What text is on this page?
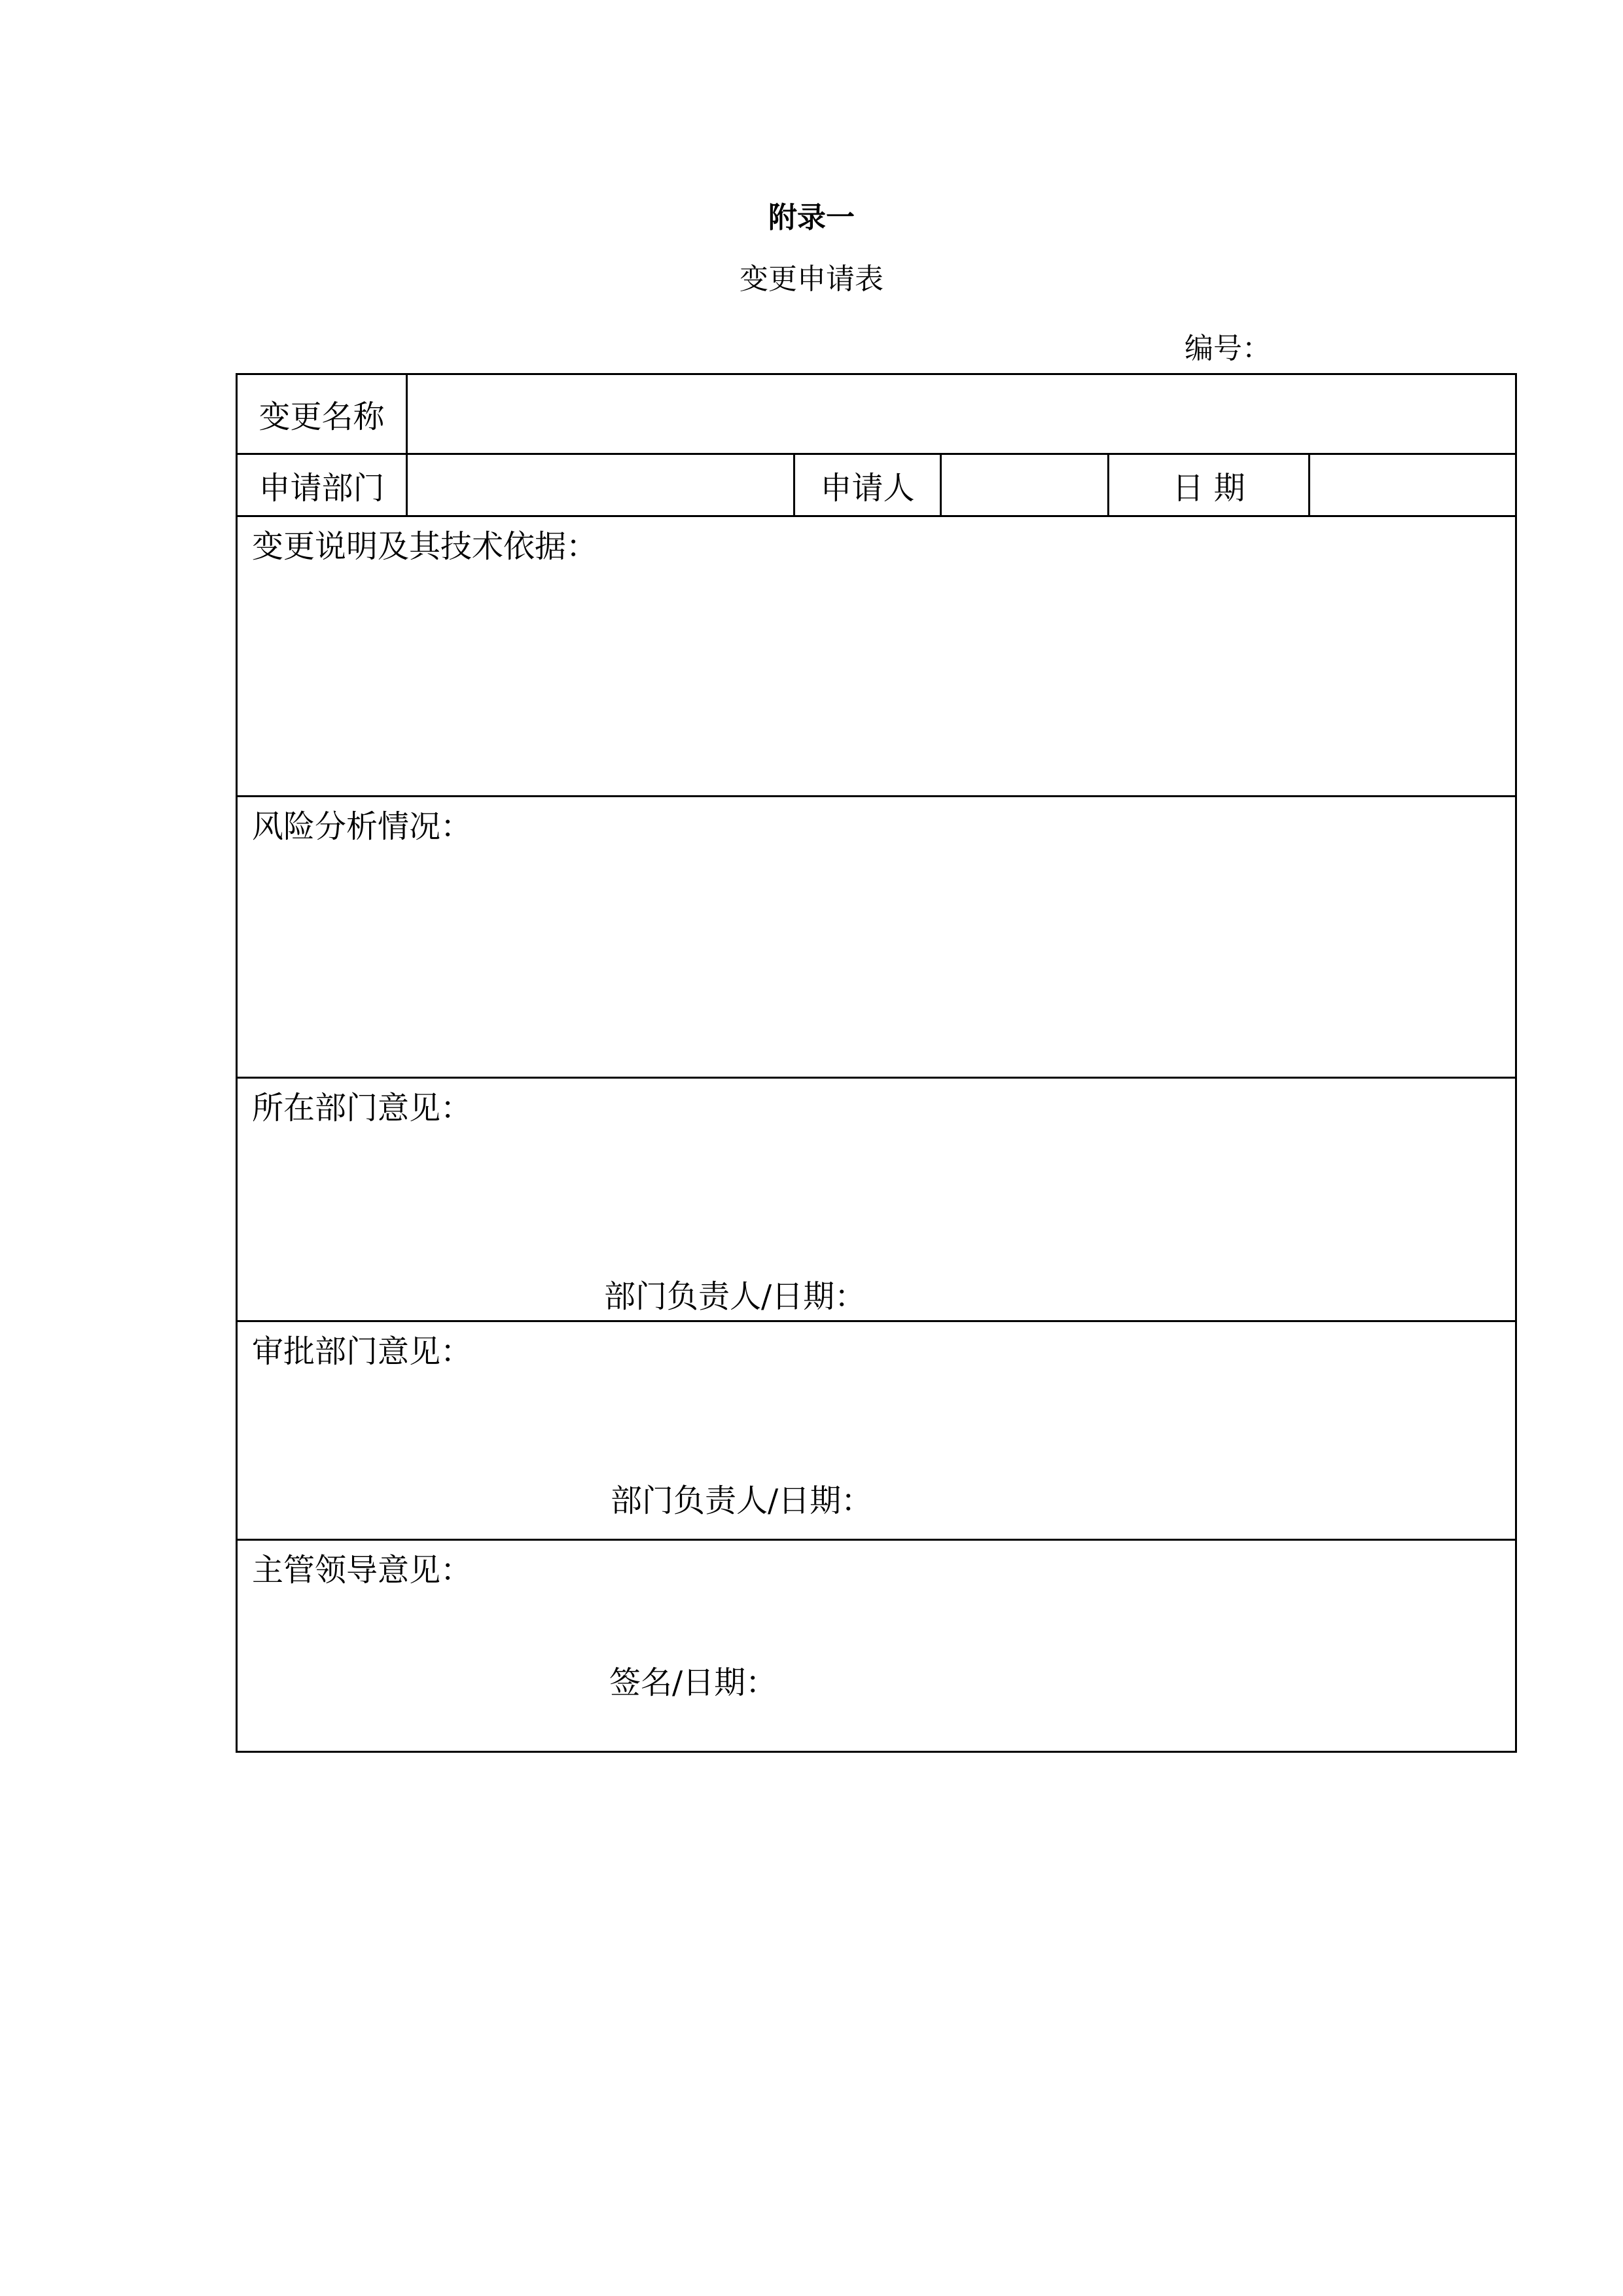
附录一
变更申请表
编号：
变更名称
申请部门	申请人	日 期
变更说明及其技术依据：
风险分析情况：
所在部门意见：
部门负责人/日期：
审批部门意见：
部门负责人/日期：
主管领导意见：
签名/日期：
